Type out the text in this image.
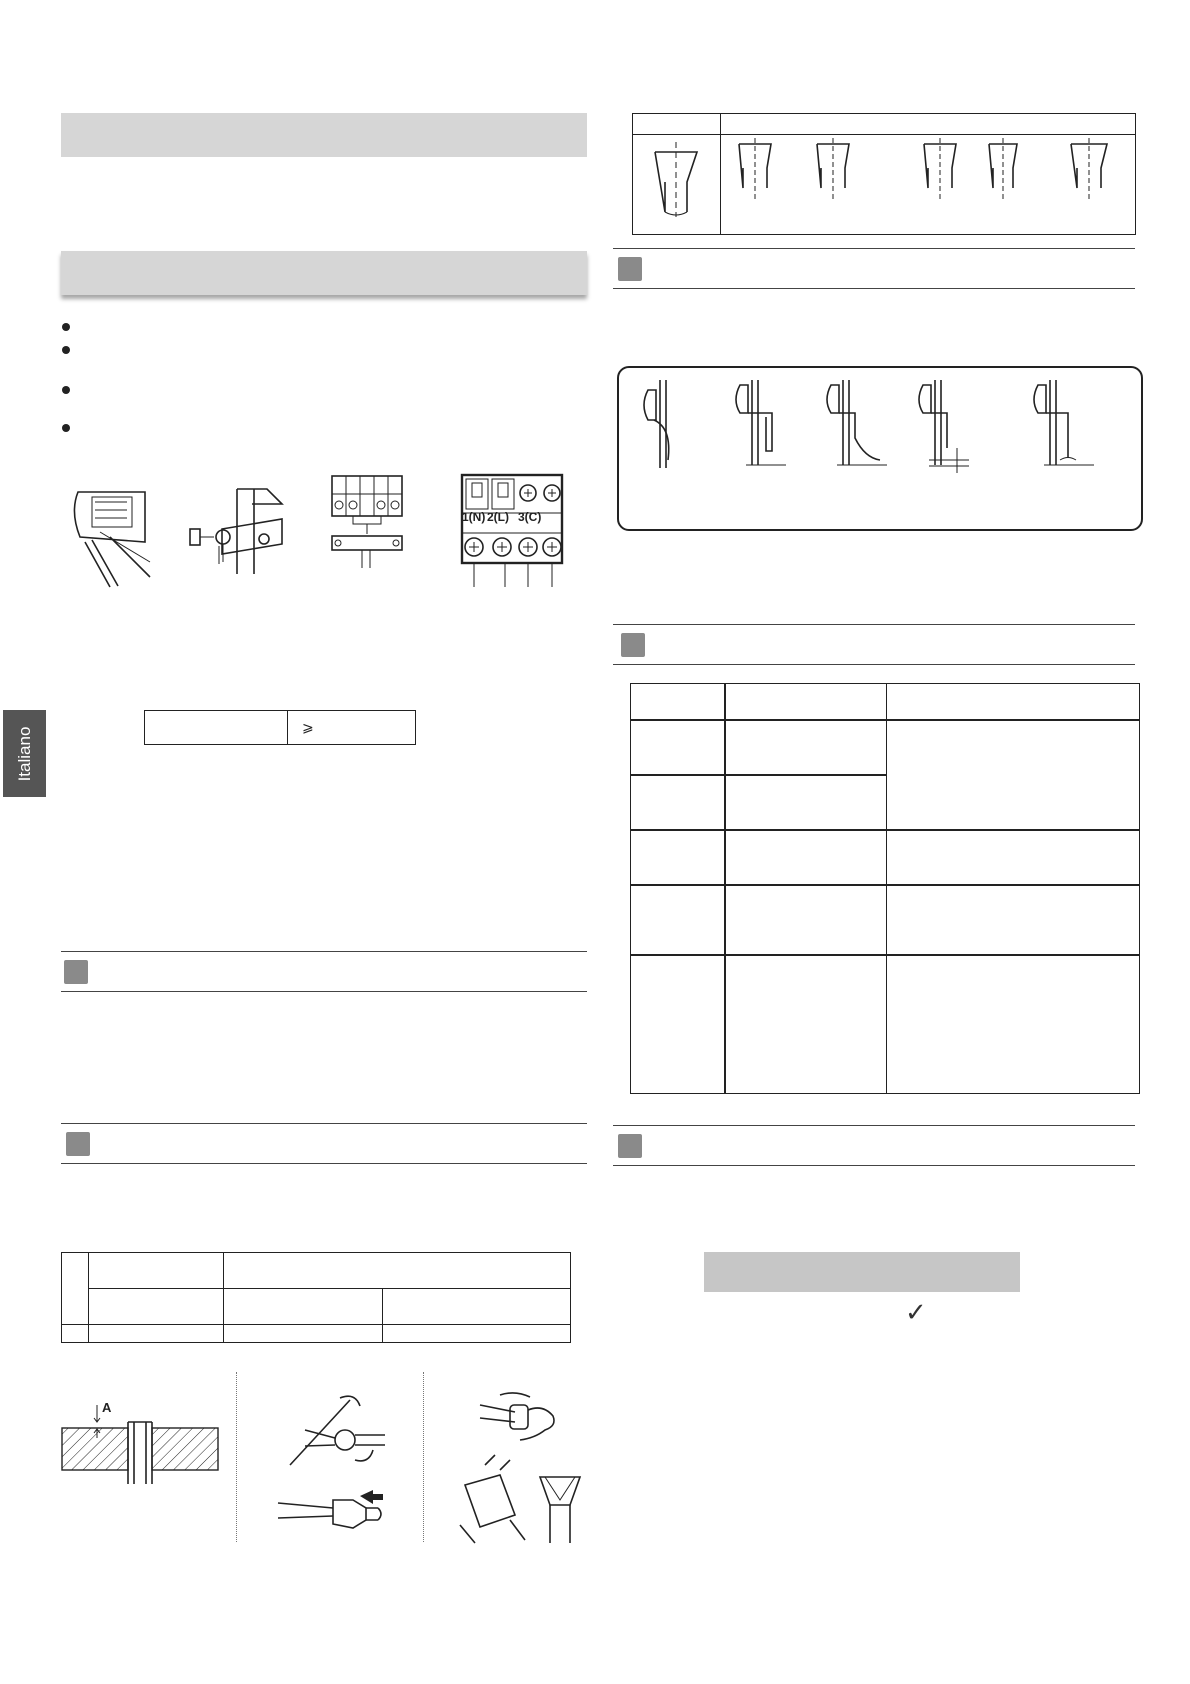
1(N) 2(L) 3(C)
	⩾

A
Italiano
✓
